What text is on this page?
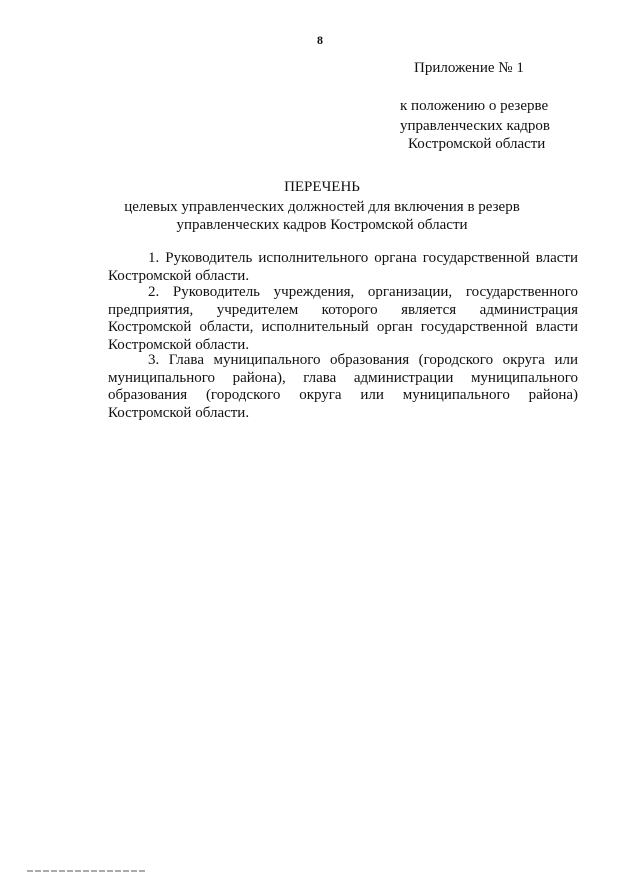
8
Приложение № 1
к положению о резерве
управленческих кадров
Костромской области
ПЕРЕЧЕНЬ
целевых управленческих должностей для включения в резерв управленческих кадров Костромской области
1. Руководитель исполнительного органа государственной власти Костромской области.
2. Руководитель учреждения, организации, государственного предприятия, учредителем которого является администрация Костромской области, исполнительный орган государственной власти Костромской области.
3. Глава муниципального образования (городского округа или муниципального района), глава администрации муниципального образования (городского округа или муниципального района) Костромской области.
